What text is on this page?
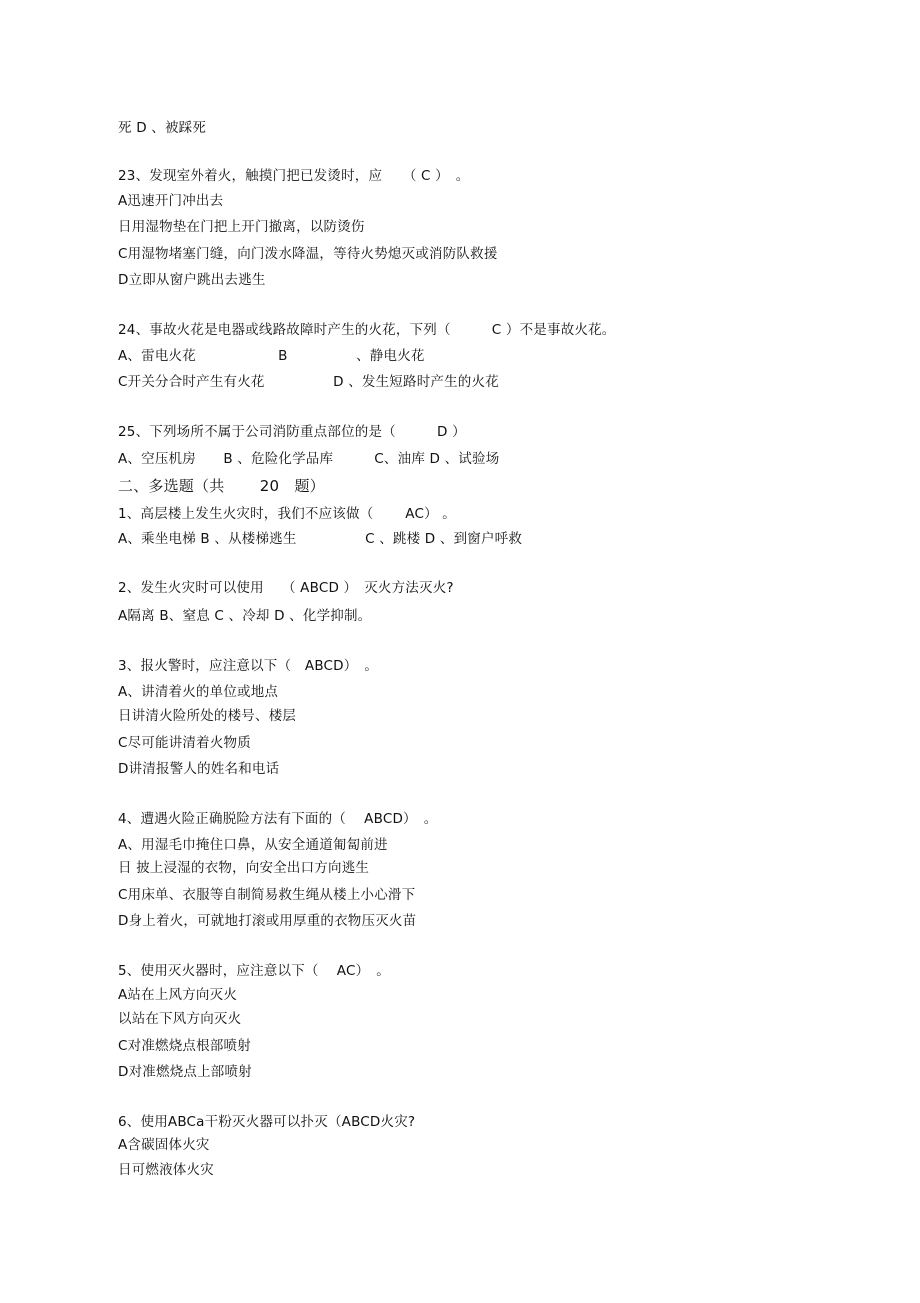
死 D 、被踩死
23、发现室外着火，触摸门把已发烫时，应　　（ C ）　。
A迅速开门冲出去
日用湿物垫在门把上开门撤离，以防烫伤
C用湿物堵塞门缝，向门泼水降温，等待火势熄灭或消防队救援
D立即从窗户跳出去逃生
24、事故火花是电器或线路故障时产生的火花，下列（　　　C ）不是事故火花。
A、雷电火花　　　　　　B　　　　　、静电火花
C开关分合时产生有火花　　　　　D 、发生短路时产生的火花
25、下列场所不属于公司消防重点部位的是（　　　D ）
A、空压机房　　B 、危险化学品库　　　C、油库 D 、试验场
二、多选题（共　　 20　题）
1、高层楼上发生火灾时，我们不应该做（　　 AC） 。
A、乘坐电梯 B 、从楼梯逃生　　　　　C 、跳楼 D 、到窗户呼救
2、发生火灾时可以使用　 （ ABCD ）　灭火方法灭火?
A隔离 B、窒息 C 、冷却 D 、化学抑制。
3、报火警时，应注意以下（　ABCD）　。
A、讲清着火的单位或地点
日讲清火险所处的楼号、楼层
C尽可能讲清着火物质
D讲清报警人的姓名和电话
4、遭遇火险正确脱险方法有下面的（　 ABCD）　。
A、用湿毛巾掩住口鼻，从安全通道匍匐前进
日 披上浸湿的衣物，向安全出口方向逃生
C用床单、衣服等自制简易救生绳从楼上小心滑下
D身上着火，可就地打滚或用厚重的衣物压灭火苗
5、使用灭火器时，应注意以下（　 AC）　。
A站在上风方向灭火
以站在下风方向灭火
C对准燃烧点根部喷射
D对准燃烧点上部喷射
6、使用ABCa干粉灭火器可以扑灭（ABCD火灾?
A含碳固体火灾
日可燃液体火灾
